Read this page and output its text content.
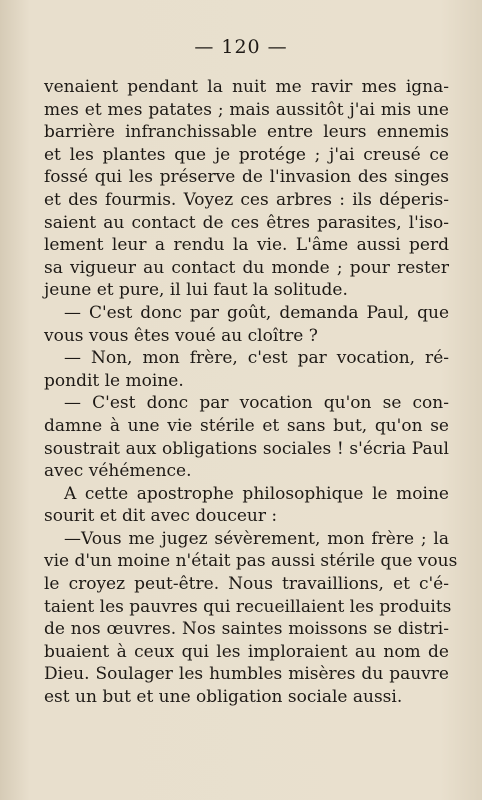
— 120 —
venaient pendant la nuit me ravir mes igna-
mes et mes patates ; mais aussitôt j'ai mis une
barrière infranchissable entre leurs ennemis
et les plantes que je protége ; j'ai creusé ce
fossé qui les préserve de l'invasion des singes
et des fourmis. Voyez ces arbres : ils déperis-
saient au contact de ces êtres parasites, l'iso-
lement leur a rendu la vie. L'âme aussi perd
sa vigueur au contact du monde ; pour rester
jeune et pure, il lui faut la solitude.
— C'est donc par goût, demanda Paul, que
vous vous êtes voué au cloître ?
— Non, mon frère, c'est par vocation, ré-
pondit le moine.
— C'est donc par vocation qu'on se con-
damne à une vie stérile et sans but, qu'on se
soustrait aux obligations sociales ! s'écria Paul
avec véhémence.
A cette apostrophe philosophique le moine
sourit et dit avec douceur :
—Vous me jugez sévèrement, mon frère ; la
vie d'un moine n'était pas aussi stérile que vous
le croyez peut-être. Nous travaillions, et c'é-
taient les pauvres qui recueillaient les produits
de nos œuvres. Nos saintes moissons se distri-
buaient à ceux qui les imploraient au nom de
Dieu. Soulager les humbles misères du pauvre
est un but et une obligation sociale aussi.
